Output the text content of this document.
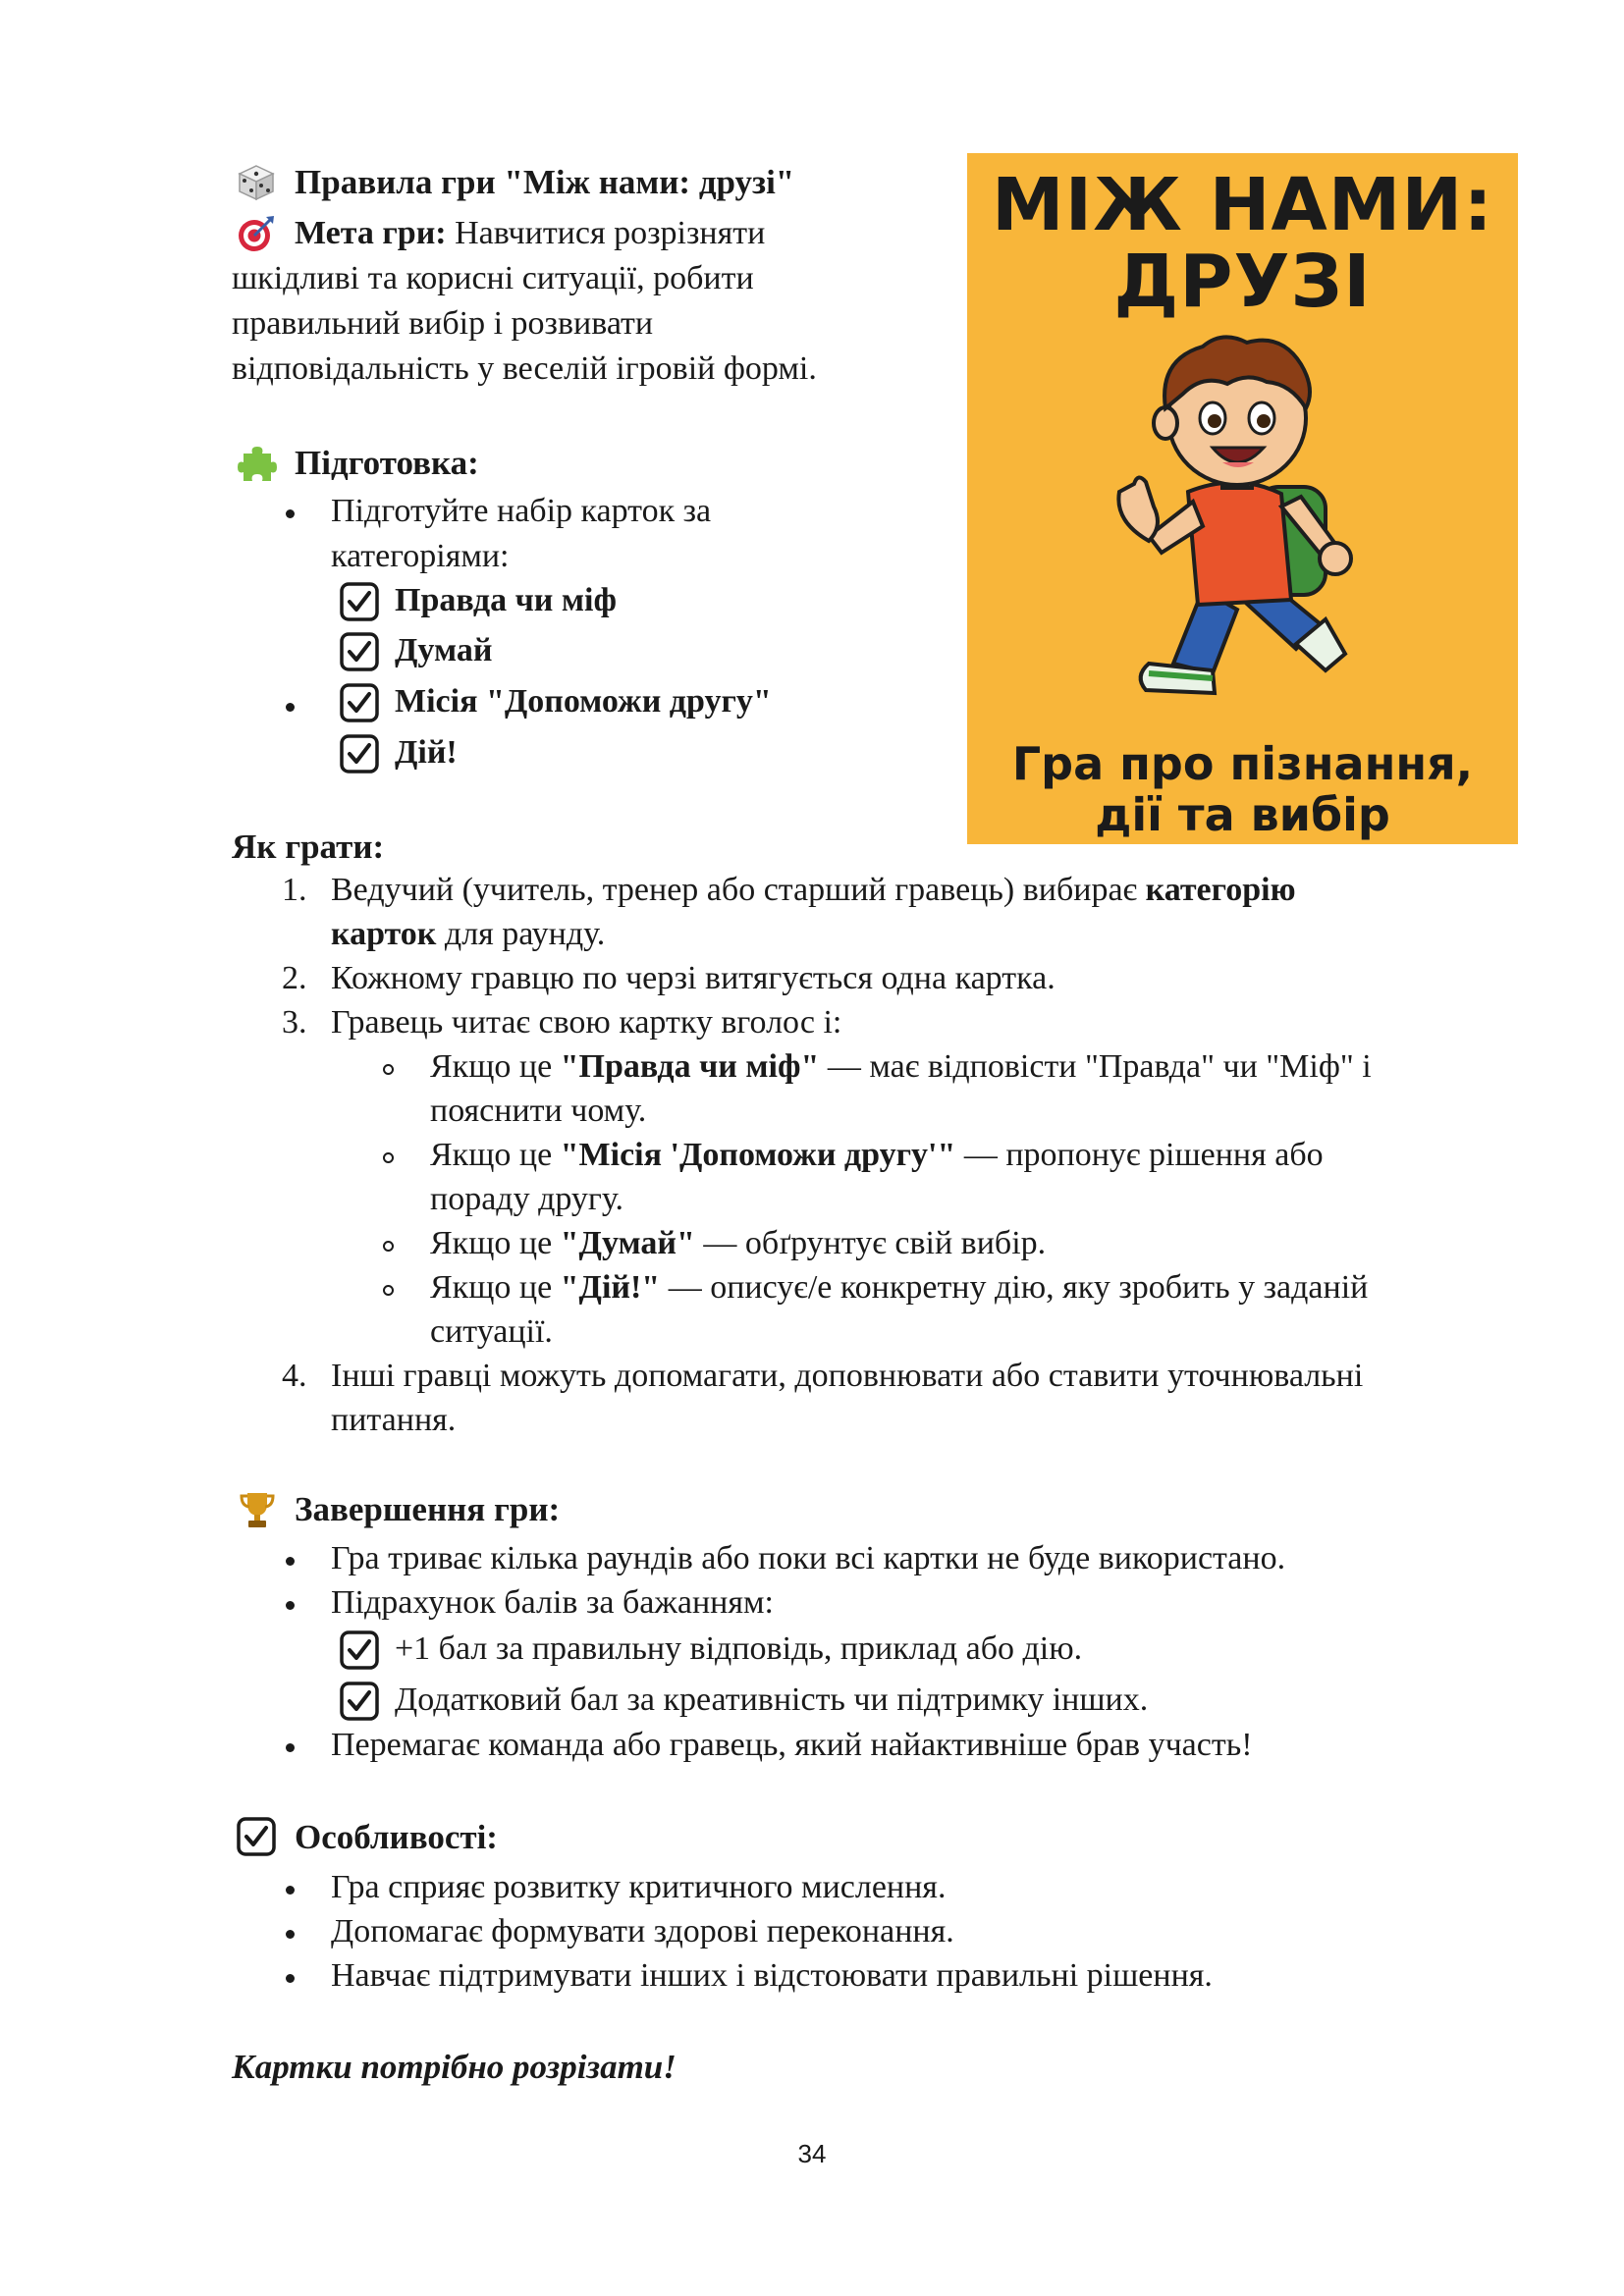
Правила гри "Між нами: друзі"
Мета гри: Навчитися розрізняти
шкідливі та корисні ситуації, робити
правильний вибір і розвивати
відповідальність у веселій ігровій формі.
МІЖ НАМИ:
ДРУЗІ
Гра про пізнання,
дії та вибір
Підготовка:
Підготуйте набір карток за
категоріями:
Правда чи міф
Думай
Місія "Допоможи другу"
Дій!
Як грати:
1. Ведучий (учитель, тренер або старший гравець) вибирає категорію
карток для раунду.
2. Кожному гравцю по черзі витягується одна картка.
3. Гравець читає свою картку вголос і:
Якщо це "Правда чи міф" — має відповісти "Правда" чи "Міф" і
пояснити чому.
Якщо це "Місія 'Допоможи другу'" — пропонує рішення або
пораду другу.
Якщо це "Думай" — обґрунтує свій вибір.
Якщо це "Дій!" — описує/е конкретну дію, яку зробить у заданій
ситуації.
4. Інші гравці можуть допомагати, доповнювати або ставити уточнювальні
питання.
Завершення гри:
Гра триває кілька раундів або поки всі картки не буде використано.
Підрахунок балів за бажанням:
+1 бал за правильну відповідь, приклад або дію.
Додатковий бал за креативність чи підтримку інших.
Перемагає команда або гравець, який найактивніше брав участь!
Особливості:
Гра сприяє розвитку критичного мислення.
Допомагає формувати здорові переконання.
Навчає підтримувати інших і відстоювати правильні рішення.
Картки потрібно розрізати!
34
